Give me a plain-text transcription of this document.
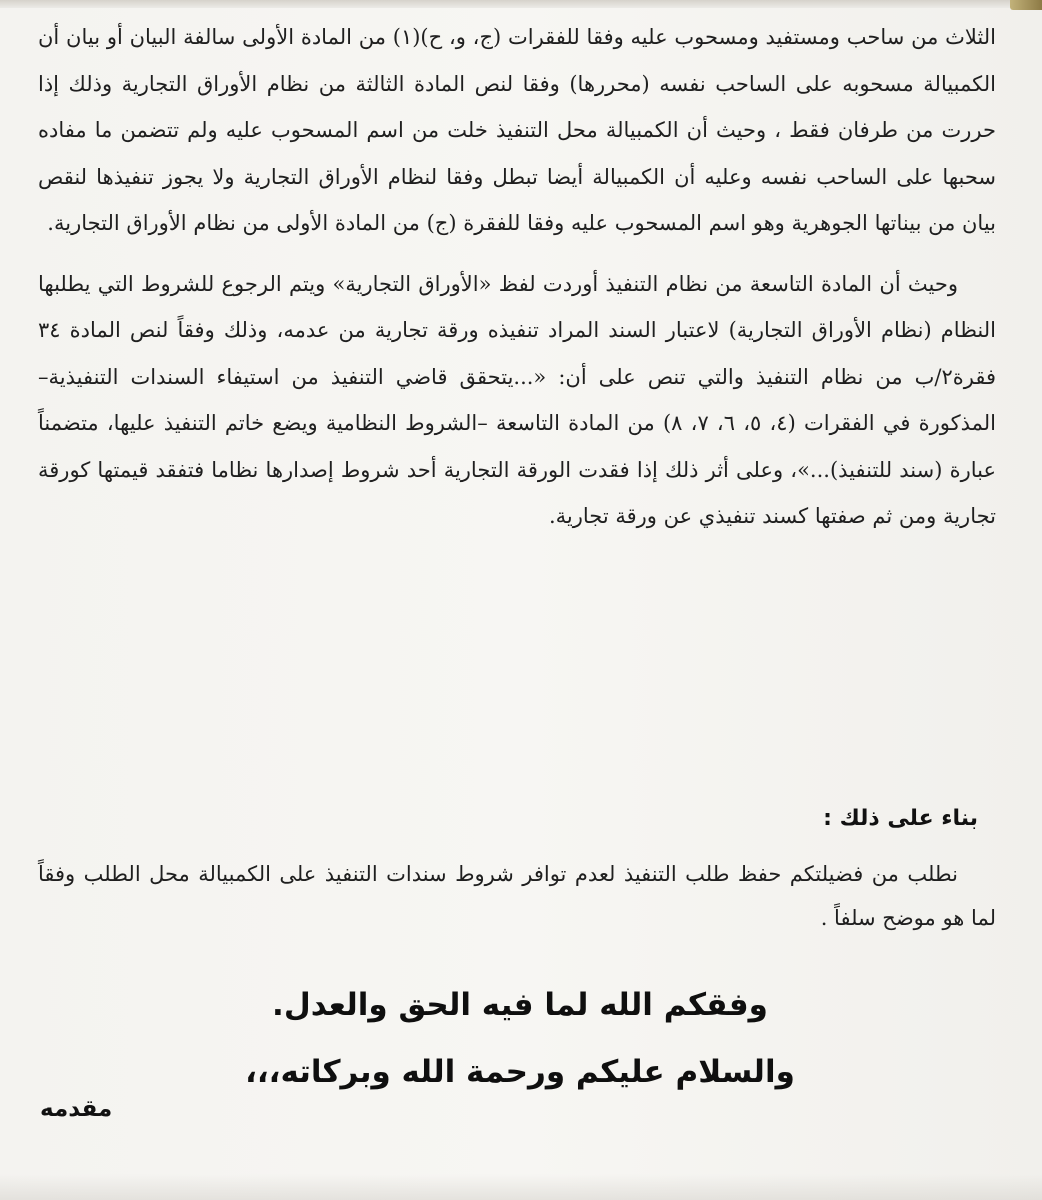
الثلاث من ساحب ومستفيد ومسحوب عليه وفقا للفقرات (ج، و، ح)(١) من المادة الأولى سالفة البيان أو بيان أن الكمبيالة مسحوبه على الساحب نفسه (محررها) وفقا لنص المادة الثالثة من نظام الأوراق التجارية وذلك إذا حررت من طرفان فقط ، وحيث أن الكمبيالة محل التنفيذ خلت من اسم المسحوب عليه ولم تتضمن ما مفاده سحبها على الساحب نفسه وعليه أن الكمبيالة أيضا تبطل وفقا لنظام الأوراق التجارية ولا يجوز تنفيذها لنقص بيان من بيناتها الجوهرية وهو اسم المسحوب عليه وفقا للفقرة (ج) من المادة الأولى من نظام الأوراق التجارية.

وحيث أن المادة التاسعة من نظام التنفيذ أوردت لفظ «الأوراق التجارية» ويتم الرجوع للشروط التي يطلبها النظام (نظام الأوراق التجارية) لاعتبار السند المراد تنفيذه ورقة تجارية من عدمه، وذلك وفقاً لنص المادة ٣٤ فقرة٢/ب من نظام التنفيذ والتي تنص على أن: «...يتحقق قاضي التنفيذ من استيفاء السندات التنفيذية–المذكورة في الفقرات (٤، ٥، ٦، ٧، ٨) من المادة التاسعة –الشروط النظامية ويضع خاتم التنفيذ عليها، متضمناً عبارة (سند للتنفيذ)...»، وعلى أثر ذلك إذا فقدت الورقة التجارية أحد شروط إصدارها نظاما فتفقد قيمتها كورقة تجارية ومن ثم صفتها كسند تنفيذي عن ورقة تجارية.

بناء على ذلك :

نطلب من فضيلتكم حفظ طلب التنفيذ لعدم توافر شروط سندات التنفيذ على الكمبيالة محل الطلب وفقاً لما هو موضح سلفاً .

وفقكم الله لما فيه الحق والعدل.
والسلام عليكم ورحمة الله وبركاته،،،
مقدمه
